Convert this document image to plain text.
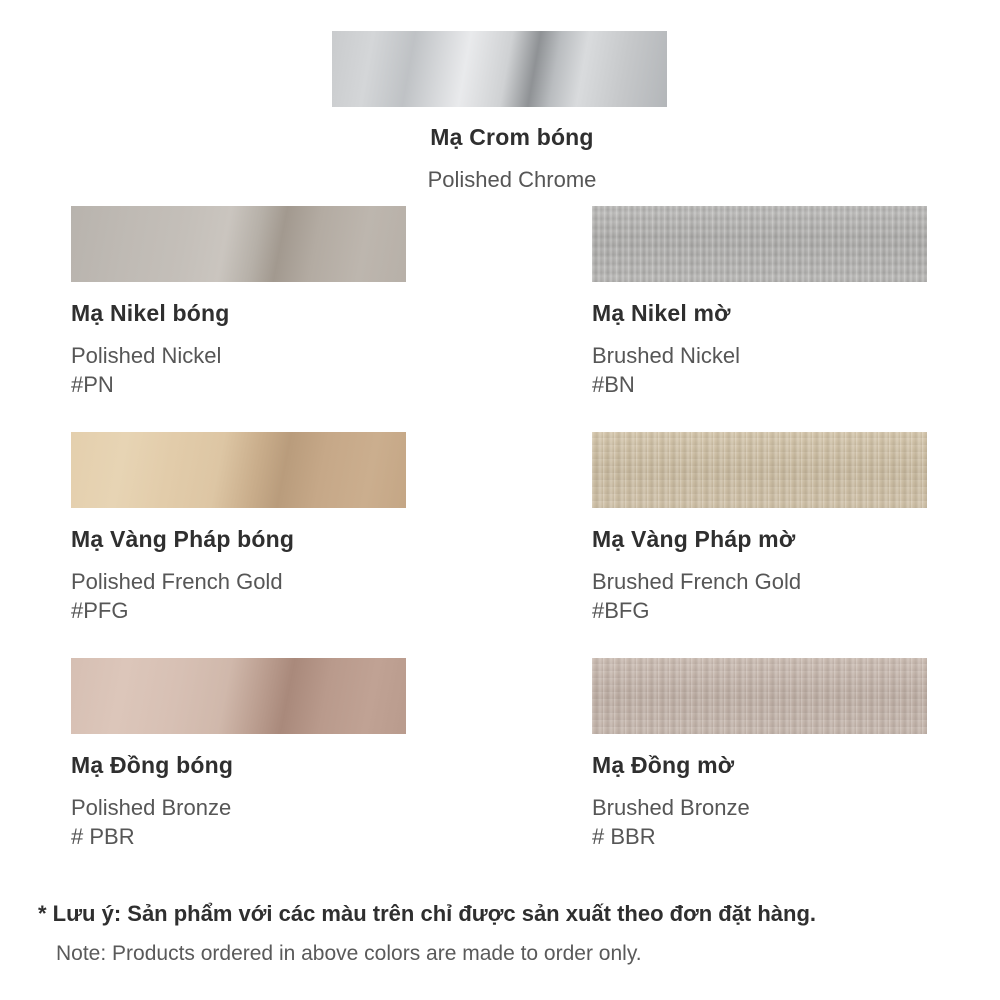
Mạ Crom bóng
Polished Chrome
Mạ Nikel bóng
Polished Nickel
#PN
Mạ Nikel mờ
Brushed Nickel
#BN
Mạ Vàng Pháp bóng
Polished French Gold
#PFG
Mạ Vàng Pháp mờ
Brushed French Gold
#BFG
Mạ Đồng bóng
Polished Bronze
# PBR
Mạ Đồng mờ
Brushed Bronze
# BBR
* Lưu ý: Sản phẩm với các màu trên chỉ được sản xuất theo đơn đặt hàng.
Note: Products ordered in above colors are made to order only.
